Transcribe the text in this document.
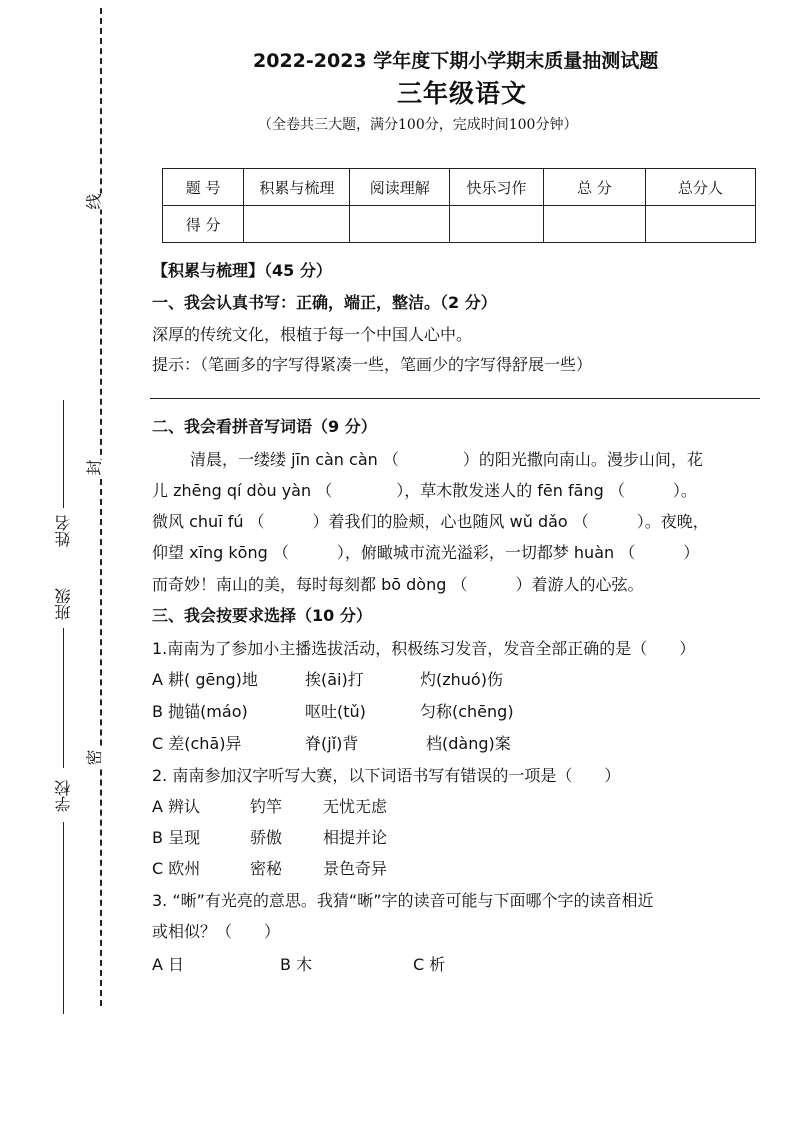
线
封
密
姓名
班级
学校
2022-2023 学年度下期小学期末质量抽测试题
三年级语文
（全卷共三大题，满分100分，完成时间100分钟）
题 号	积累与梳理	阅读理解	快乐习作	总 分	总分人
得 分					
【积累与梳理】（45 分）
一、我会认真书写：正确，端正，整洁。（2 分）
深厚的传统文化，根植于每一个中国人心中。
提示：（笔画多的字写得紧凑一些，笔画少的字写得舒展一些）
二、我会看拼音写词语（9 分）
清晨，一缕缕 jīn càn càn （　　　　）的阳光撒向南山。漫步山间，花
儿 zhēng qí dòu yàn （　　　　），草木散发迷人的 fēn fāng （　　　）。
微风 chuī fú （　　　）着我们的脸颊，心也随风 wǔ dǎo （　　　）。夜晚，
仰望 xīng kōng （　　　），俯瞰城市流光溢彩，一切都梦 huàn （　　　）
而奇妙！南山的美，每时每刻都 bō dòng （　　　）着游人的心弦。
三、我会按要求选择（10 分）
1.南南为了参加小主播选拔活动，积极练习发音，发音全部正确的是（　　）
A 耕( gēng)地	挨(āi)打	灼(zhuó)伤
B 抛锚(máo)	呕吐(tǔ)	匀称(chēng)
C 差(chā)异	脊(jǐ)背	档(dàng)案
2. 南南参加汉字听写大赛，以下词语书写有错误的一项是（　　）
A 辨认	钓竿	无忧无虑
B 呈现	骄傲	相提并论
C 欧州	密秘	景色奇异
3. “晰”有光亮的意思。我猜“晰”字的读音可能与下面哪个字的读音相近
或相似？（　　）
A 日	B 木	C 析
